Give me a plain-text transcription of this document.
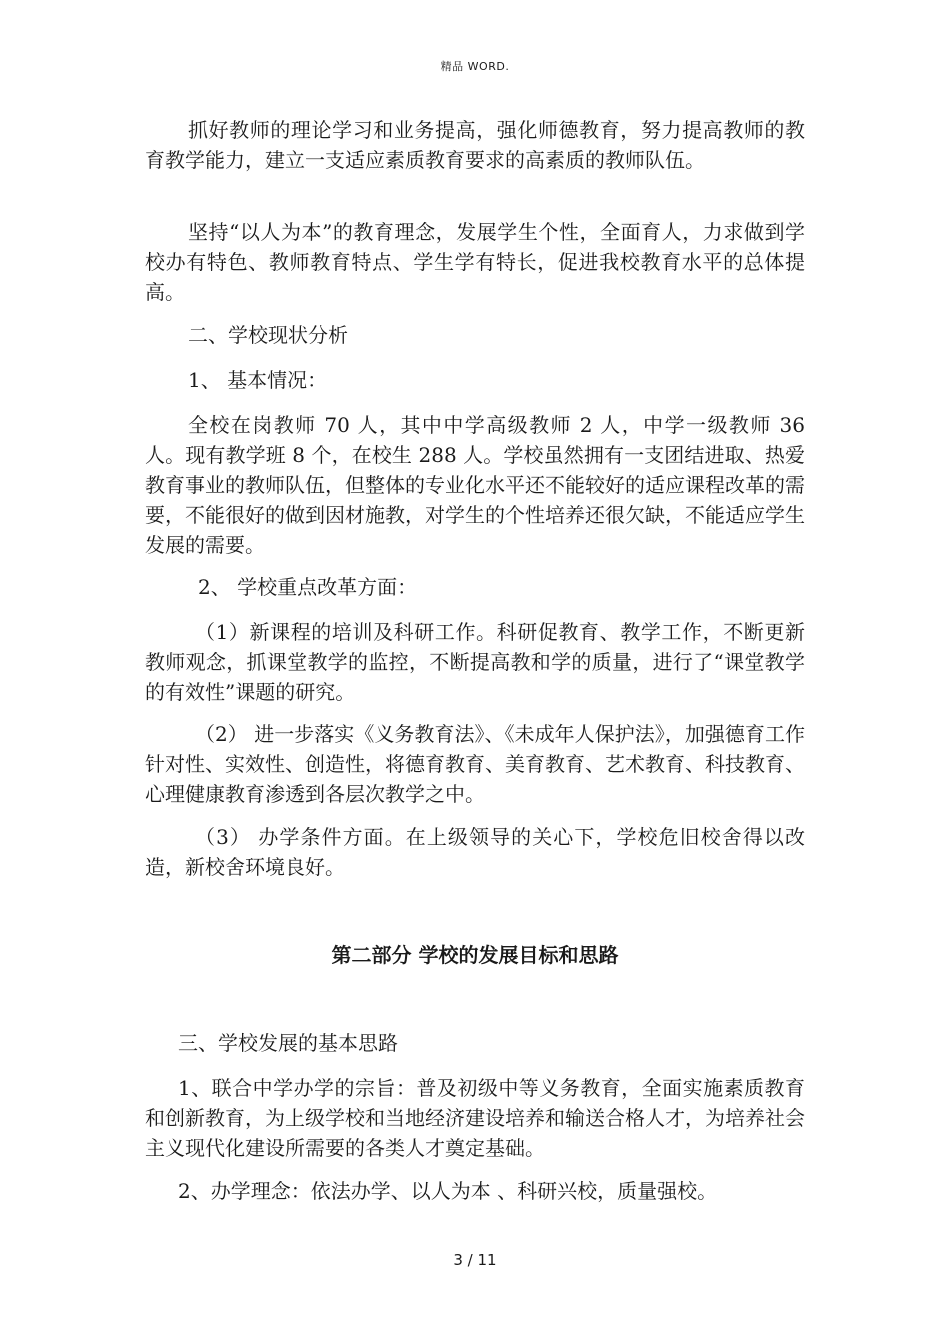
精品 WORD.
抓好教师的理论学习和业务提高，强化师德教育，努力提高教师的教育教学能力，建立一支适应素质教育要求的高素质的教师队伍。
坚持“以人为本”的教育理念，发展学生个性，全面育人，力求做到学校办有特色、教师教育特点、学生学有特长，促进我校教育水平的总体提高。
二、学校现状分析
1、 基本情况：
全校在岗教师 70 人，其中中学高级教师 2 人，中学一级教师 36 人。现有教学班 8 个，在校生 288 人。学校虽然拥有一支团结进取、热爱教育事业的教师队伍，但整体的专业化水平还不能较好的适应课程改革的需要，不能很好的做到因材施教，对学生的个性培养还很欠缺，不能适应学生发展的需要。
2、 学校重点改革方面：
（1）新课程的培训及科研工作。科研促教育、教学工作，不断更新教师观念，抓课堂教学的监控，不断提高教和学的质量，进行了“课堂教学的有效性”课题的研究。
（2） 进一步落实《义务教育法》、《未成年人保护法》，加强德育工作针对性、实效性、创造性，将德育教育、美育教育、艺术教育、科技教育、心理健康教育渗透到各层次教学之中。
（3） 办学条件方面。在上级领导的关心下，学校危旧校舍得以改造，新校舍环境良好。
第二部分 学校的发展目标和思路
三、学校发展的基本思路
1、联合中学办学的宗旨：普及初级中等义务教育，全面实施素质教育和创新教育，为上级学校和当地经济建设培养和输送合格人才，为培养社会主义现代化建设所需要的各类人才奠定基础。
2、办学理念：依法办学、以人为本 、科研兴校，质量强校。
3 / 11
